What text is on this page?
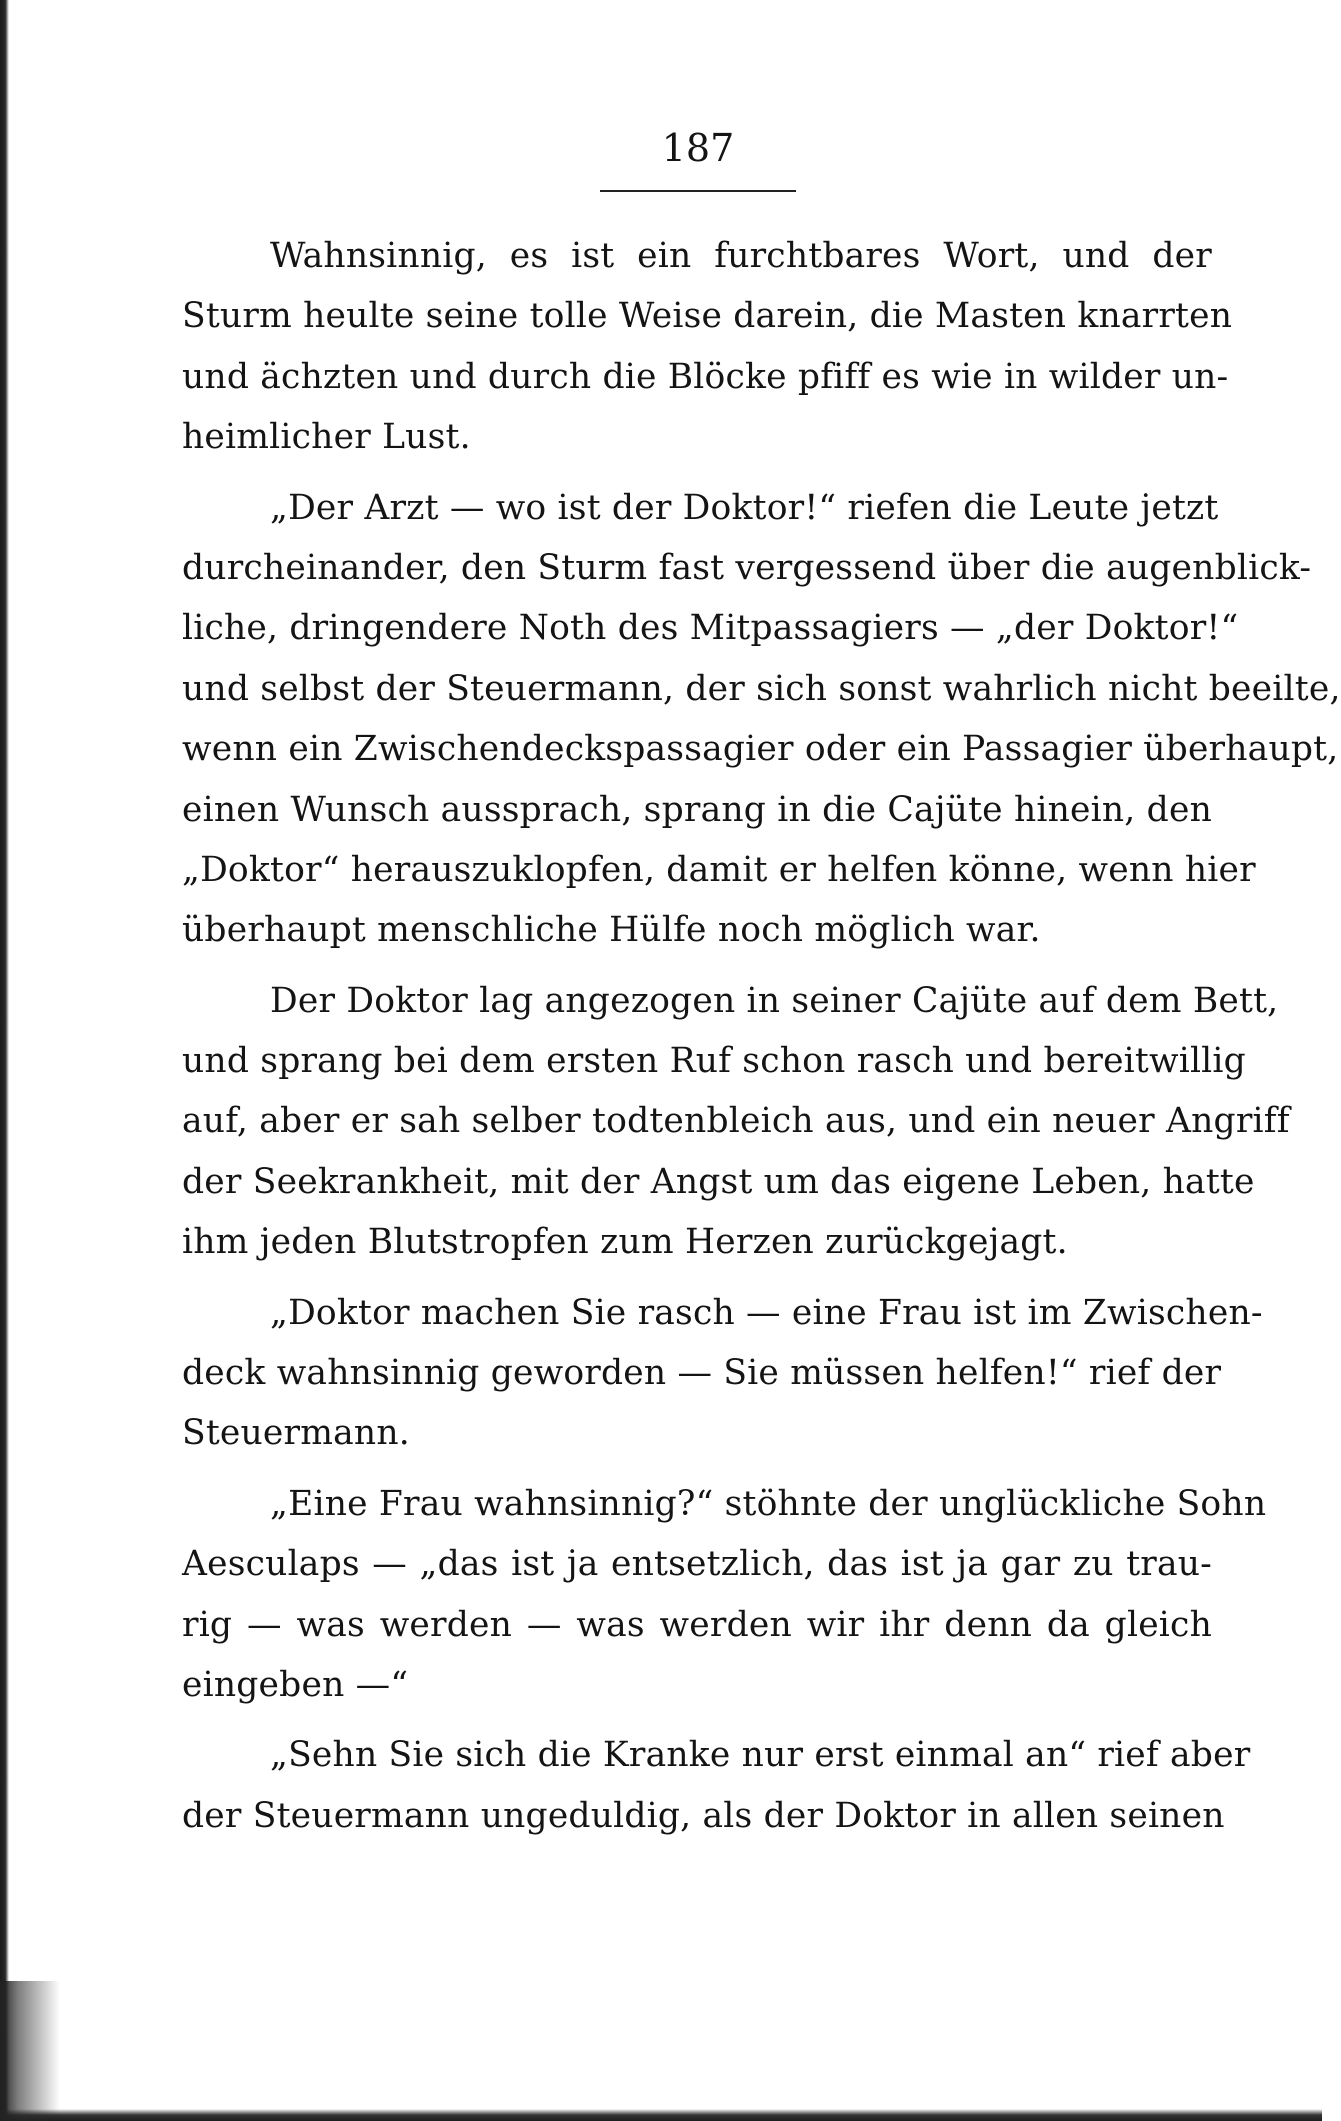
187
Wahnsinnig, es ist ein furchtbares Wort, und der
Sturm heulte seine tolle Weise darein, die Masten knarrten
und ächzten und durch die Blöcke pfiff es wie in wilder un-
heimlicher Lust.
„Der Arzt — wo ist der Doktor!“ riefen die Leute jetzt
durcheinander, den Sturm fast vergessend über die augenblick-
liche, dringendere Noth des Mitpassagiers — „der Doktor!“
und selbst der Steuermann, der sich sonst wahrlich nicht beeilte,
wenn ein Zwischendeckspassagier oder ein Passagier überhaupt,
einen Wunsch aussprach, sprang in die Cajüte hinein, den
„Doktor“ herauszuklopfen, damit er helfen könne, wenn hier
überhaupt menschliche Hülfe noch möglich war.
Der Doktor lag angezogen in seiner Cajüte auf dem Bett,
und sprang bei dem ersten Ruf schon rasch und bereitwillig
auf, aber er sah selber todtenbleich aus, und ein neuer Angriff
der Seekrankheit, mit der Angst um das eigene Leben, hatte
ihm jeden Blutstropfen zum Herzen zurückgejagt.
„Doktor machen Sie rasch — eine Frau ist im Zwischen-
deck wahnsinnig geworden — Sie müssen helfen!“ rief der
Steuermann.
„Eine Frau wahnsinnig?“ stöhnte der unglückliche Sohn
Aesculaps — „das ist ja entsetzlich, das ist ja gar zu trau-
rig — was werden — was werden wir ihr denn da gleich
eingeben —“
„Sehn Sie sich die Kranke nur erst einmal an“ rief aber
der Steuermann ungeduldig, als der Doktor in allen seinen
